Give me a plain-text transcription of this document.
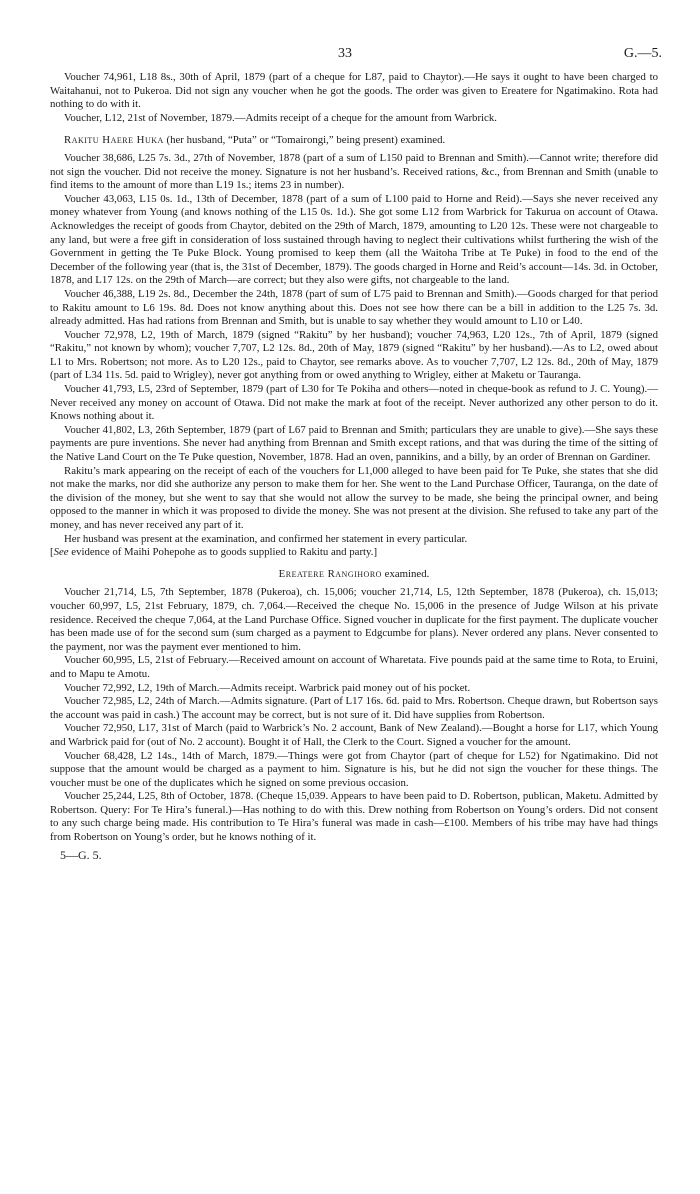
33	G.—5.

Voucher 74,961, L18 8s., 30th of April, 1879 (part of a cheque for L87, paid to Chaytor).—He says it ought to have been charged to Waitahanui, not to Pukeroa. Did not sign any voucher when he got the goods. The order was given to Ereatere for Ngatimakino. Rota had nothing to do with it.

Voucher, L12, 21st of November, 1879.—Admits receipt of a cheque for the amount from Warbrick.

Rakitu Haere Huka (her husband, “Puta” or “Tomairongi,” being present) examined.

Voucher 38,686, L25 7s. 3d., 27th of November, 1878 (part of a sum of L150 paid to Brennan and Smith).—Cannot write; therefore did not sign the voucher. Did not receive the money. Signature is not her husband’s. Received rations, &c., from Brennan and Smith (unable to find items to the amount of more than L19 1s.; items 23 in number).

Voucher 43,063, L15 0s. 1d., 13th of December, 1878 (part of a sum of L100 paid to Horne and Reid).—Says she never received any money whatever from Young (and knows nothing of the L15 0s. 1d.). She got some L12 from Warbrick for Takurua on account of Otawa. Acknowledges the receipt of goods from Chaytor, debited on the 29th of March, 1879, amounting to L20 12s. These were not chargeable to any land, but were a free gift in consideration of loss sustained through having to neglect their cultivations whilst furthering the wish of the Government in getting the Te Puke Block. Young promised to keep them (all the Waitoha Tribe at Te Puke) in food to the end of the December of the following year (that is, the 31st of December, 1879). The goods charged in Horne and Reid’s account—14s. 3d. in October, 1878, and L17 12s. on the 29th of March—are correct; but they also were gifts, not chargeable to the land.

Voucher 46,388, L19 2s. 8d., December the 24th, 1878 (part of sum of L75 paid to Brennan and Smith).—Goods charged for that period to Rakitu amount to L6 19s. 8d. Does not know anything about this. Does not see how there can be a bill in addition to the L25 7s. 3d. already admitted. Has had rations from Brennan and Smith, but is unable to say whether they would amount to L10 or L40.

Voucher 72,978, L2, 19th of March, 1879 (signed “Rakitu” by her husband); voucher 74,963, L20 12s., 7th of April, 1879 (signed “Rakitu,” not known by whom); voucher 7,707, L2 12s. 8d., 20th of May, 1879 (signed “Rakitu” by her husband).—As to L2, owed about L1 to Mrs. Robertson; not more. As to L20 12s., paid to Chaytor, see remarks above. As to voucher 7,707, L2 12s. 8d., 20th of May, 1879 (part of L34 11s. 5d. paid to Wrigley), never got anything from or owed anything to Wrigley, either at Maketu or Tauranga.

Voucher 41,793, L5, 23rd of September, 1879 (part of L30 for Te Pokiha and others—noted in cheque-book as refund to J. C. Young).—Never received any money on account of Otawa. Did not make the mark at foot of the receipt. Never authorized any other person to do it. Knows nothing about it.

Voucher 41,802, L3, 26th September, 1879 (part of L67 paid to Brennan and Smith; particulars they are unable to give).—She says these payments are pure inventions. She never had anything from Brennan and Smith except rations, and that was during the time of the sitting of the Native Land Court on the Te Puke question, November, 1878. Had an oven, pannikins, and a billy, by an order of Brennan on Gardiner.

Rakitu’s mark appearing on the receipt of each of the vouchers for L1,000 alleged to have been paid for Te Puke, she states that she did not make the marks, nor did she authorize any person to make them for her. She went to the Land Purchase Officer, Tauranga, on the date of the division of the money, but she went to say that she would not allow the survey to be made, she being the principal owner, and being opposed to the manner in which it was proposed to divide the money. She was not present at the division. She refused to take any part of the money, and has never received any part of it.

Her husband was present at the examination, and confirmed her statement in every particular.

[See evidence of Maihi Pohepohe as to goods supplied to Rakitu and party.]

Ereatere Rangihoro examined.

Voucher 21,714, L5, 7th September, 1878 (Pukeroa), ch. 15,006; voucher 21,714, L5, 12th September, 1878 (Pukeroa), ch. 15,013; voucher 60,997, L5, 21st February, 1879, ch. 7,064.—Received the cheque No. 15,006 in the presence of Judge Wilson at his private residence. Received the cheque 7,064, at the Land Purchase Office. Signed voucher in duplicate for the first payment. The duplicate voucher has been made use of for the second sum (sum charged as a payment to Edgcumbe for plans). Never ordered any plans. Never consented to the payment, nor was the payment ever mentioned to him.

Voucher 60,995, L5, 21st of February.—Received amount on account of Wharetata. Five pounds paid at the same time to Rota, to Eruini, and to Mapu te Amotu.

Voucher 72,992, L2, 19th of March.—Admits receipt. Warbrick paid money out of his pocket.

Voucher 72,985, L2, 24th of March.—Admits signature. (Part of L17 16s. 6d. paid to Mrs. Robertson. Cheque drawn, but Robertson says the account was paid in cash.) The account may be correct, but is not sure of it. Did have supplies from Robertson.

Voucher 72,950, L17, 31st of March (paid to Warbrick’s No. 2 account, Bank of New Zealand).—Bought a horse for L17, which Young and Warbrick paid for (out of No. 2 account). Bought it of Hall, the Clerk to the Court. Signed a voucher for the amount.

Voucher 68,428, L2 14s., 14th of March, 1879.—Things were got from Chaytor (part of cheque for L52) for Ngatimakino. Did not suppose that the amount would be charged as a payment to him. Signature is his, but he did not sign the voucher for these things. The voucher must be one of the duplicates which he signed on some previous occasion.

Voucher 25,244, L25, 8th of October, 1878. (Cheque 15,039. Appears to have been paid to D. Robertson, publican, Maketu. Admitted by Robertson. Query: For Te Hira’s funeral.)—Has nothing to do with this. Drew nothing from Robertson on Young’s orders. Did not consent to any such charge being made. His contribution to Te Hira’s funeral was made in cash—£100. Members of his tribe may have had things from Robertson on Young’s order, but he knows nothing of it.

5—G. 5.
